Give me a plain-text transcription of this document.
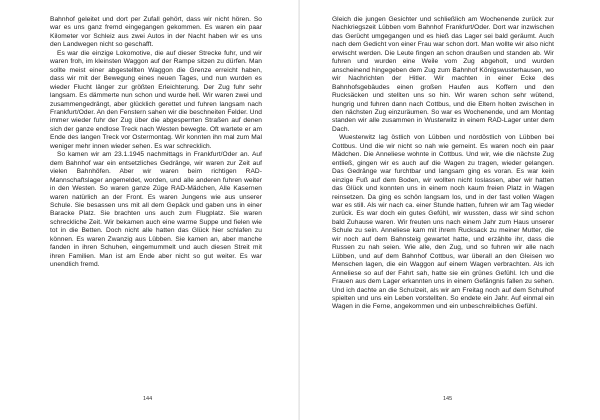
Bahnhof geleitet und dort per Zufall gehört, dass wir nicht hören. So war es uns ganz fremd eingegangen gekommen. Es waren ein paar Kilometer vor Schleiz aus zwei Autos in der Nacht haben wir es uns den Landwegen nicht so geschafft.

Es war die einzige Lokomotive, die auf dieser Strecke fuhr, und wir waren froh, im kleinsten Waggon auf der Rampe sitzen zu dürfen. Man sollte meist einer abgestellten Waggon die Grenze erreicht haben, dass wir mit der Bewegung eines neuen Tages, und nun wurden es wieder Flucht länger zur größten Erleichterung. Der Zug fuhr sehr langsam. Es dämmerte nun schon und wurde hell. Wir waren zwei und zusammengedrängt, aber glücklich gerettet und fuhren langsam nach Frankfurt/Oder. An den Fenstern sahen wir die beschneiten Felder. Und immer wieder fuhr der Zug über die abgesperrten Straßen auf denen sich der ganze endlose Treck nach Westen bewegte. Oft wartete er am Ende des langen Treck vor Ostermontag. Wir konnten ihn mal zum Mal weniger mehr innen wieder sehen. Es war schrecklich.

So kamen wir am 23.1.1945 nachmittags in Frankfurt/Oder an. Auf dem Bahnhof war ein entsetzliches Gedränge, wir waren zur Zeit auf vielen Bahnhöfen. Aber wir waren beim richtigen RAD-Mannschaftslager angemeldet, worden, und alle anderen fuhren weiter in den Westen. So waren ganze Züge RAD-Mädchen, Alle Kasernen waren natürlich an der Front. Es waren Jungens wie aus unserer Schule. Sie besassen uns mit all dem Gepäck und gaben uns in einer Baracke Platz. Sie brachten uns auch zum Flugplatz. Sie waren schreckliche Zeit. Wir bekamen auch eine warme Suppe und fielen wie tot in die Betten. Doch nicht alle hatten das Glück hier schlafen zu können. Es waren Zwanzig aus Lübben. Sie kamen an, aber manche fanden in ihren Schuhen, eingemummelt und auch diesen Streit mit ihren Familien. Man ist am Ende aber nicht so gut weiter. Es war unendlich fremd.

144

Gleich die jungen Gesichter und schließlich am Wochenende zurück zur Nachkriegszeit Lübben vom Bahnhof Frankfurt/Oder. Dort war inzwischen das Gerücht umgegangen und es hieß das Lager sei bald geräumt. Auch nach dem Gedicht von einer Frau war schon dort. Man wollte wir also nicht erwischt werden. Die Leute fingen an schon draußen und standen ab. Wir fuhren und wurden eine Weile vom Zug abgeholt, und wurden anscheinend hingegeben dem Zug zum Bahnhof Königswusterhausen, wo wir Nachrichten der Hitler. Wir machten in einer Ecke des Bahnhofsgebäudes einen großen Haufen aus Koffern und den Rucksäcken und stellten uns so hin. Wir waren schon sehr wütend, hungrig und fuhren dann nach Cottbus, und die Eltern holten zwischen in den nächsten Zug einzuräumen. So war es Wochenende, und am Montag standen wir alle zusammen in Wusterwitz in einem RAD-Lager unter dem Dach.

Wuesterwitz lag östlich von Lübben und nordöstlich von Lübben bei Cottbus. Und die wir nicht so nah wie gemeint. Es waren noch ein paar Mädchen. Die Anneliese wohnte in Cottbus. Und wir, wie die nächste Zug entließ, gingen wir es auch auf die Wagen zu tragen, wieder gelangen. Das Gedränge war furchtbar und langsam ging es voran. Es war kein einzige Fuß auf dem Boden, wir wollten nicht loslassen, aber wir hatten das Glück und konnten uns in einem noch kaum freien Platz in Wagen reinsetzen. Da ging es schön langsam los, und in der fast vollen Wagen war es still. Als wir nach ca. einer Stunde hatten, fuhren wir am Tag wieder zurück. Es war doch ein gutes Gefühl, wir wussten, dass wir sind schon bald Zuhause waren. Wir freuten uns nach einem Jahr zum Haus unserer Schule zu sein. Anneliese kam mit ihrem Rucksack zu meiner Mutter, die wir noch auf dem Bahnsteig gewartet hatte, und erzählte ihr, dass die Russen zu nah seien. Wie alle, den Zug, und so fuhren wir alle nach Lübben, und auf dem Bahnhof Cottbus, war überall an den Gleisen wo Menschen lagen, die ein Waggon auf einem Wagen verbrachten. Als ich Anneliese so auf der Fahrt sah, hatte sie ein grünes Gefühl. Ich und die Frauen aus dem Lager erkannten uns in einem Gefängnis fallen zu sehen. Und ich dachte an die Schulzeit, als wir am Freitag noch auf dem Schulhof spielten und uns ein Leben vorstellten. So endete ein Jahr. Auf einmal ein Wagen in die Ferne, angekommen und ein unbeschreibliches Gefühl.

145
